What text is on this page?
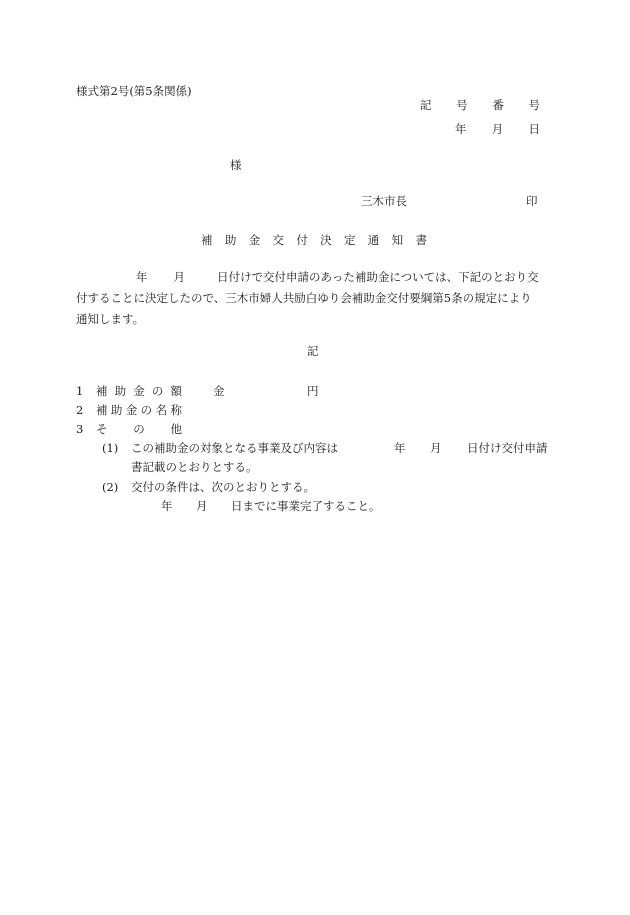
様式第2号(第5条関係)
記 号 番 号
年 月 日
様
三木市長	印
補 助 金 交 付 決 定 通 知 書
年 月	日付けで交付申請のあった補助金については、下記のとおり交
付することに決定したので、三木市婦人共励白ゆり会補助金交付要綱第5条の規定により
通知します。
記
1 補 助 金 の 額	金	円
2 補 助 金 の 名 称
3 そ の 他
(1) この補助金の対象となる事業及び内容は	年 月 日付け交付申請
書記載のとおりとする。
(2) 交付の条件は、次のとおりとする。
年 月 日までに事業完了すること。
